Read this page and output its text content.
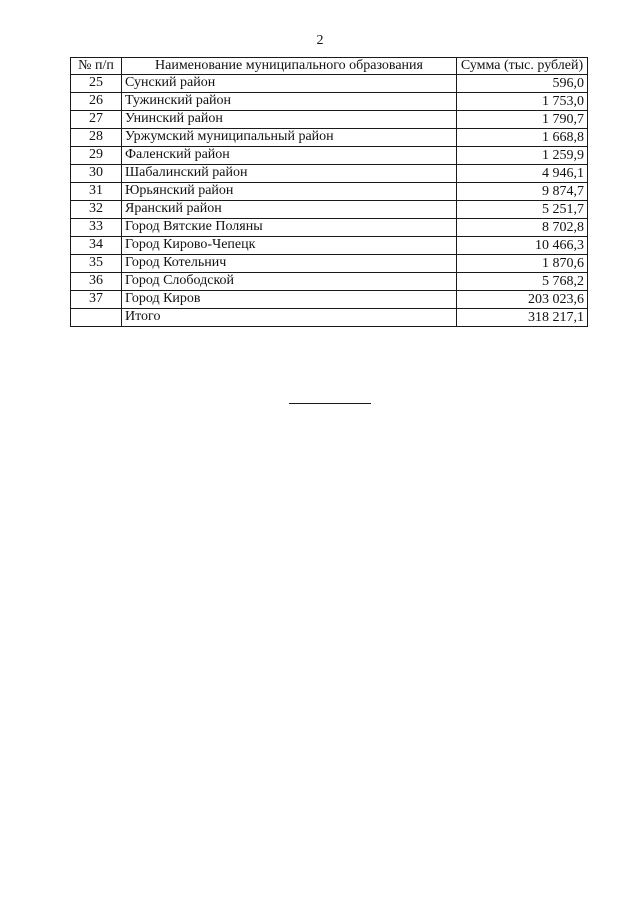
2
№ п/п	Наименование муниципального образования	Сумма (тыс. рублей)
25	Сунский район	596,0
26	Тужинский район	1 753,0
27	Унинский район	1 790,7
28	Уржумский муниципальный район	1 668,8
29	Фаленский район	1 259,9
30	Шабалинский район	4 946,1
31	Юрьянский район	9 874,7
32	Яранский район	5 251,7
33	Город Вятские Поляны	8 702,8
34	Город Кирово-Чепецк	10 466,3
35	Город Котельнич	1 870,6
36	Город Слободской	5 768,2
37	Город Киров	203 023,6
	Итого	318 217,1
